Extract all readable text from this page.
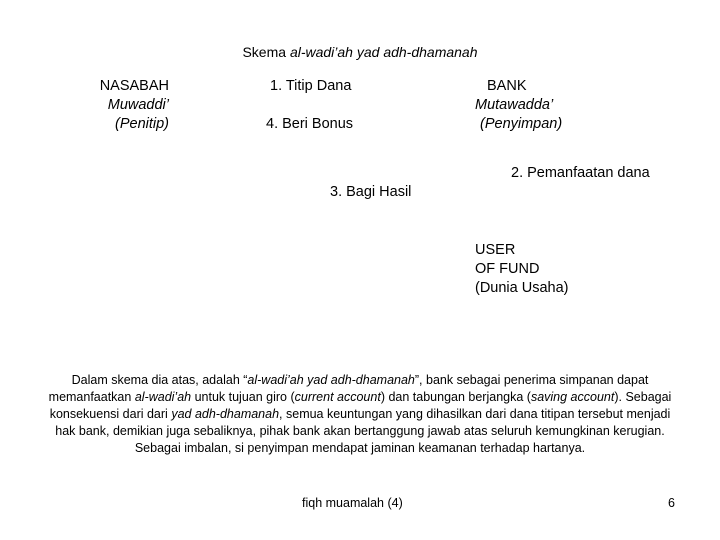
Skema al-wadi’ah yad adh-dhamanah
NASABAH
Muwaddi’
(Penitip)
1. Titip Dana
4. Beri Bonus
2. Pemanfaatan dana
3. Bagi Hasil
BANK
Mutawadda’
(Penyimpan)
USER
OF FUND
(Dunia Usaha)
Dalam skema dia atas, adalah “al-wadi’ah yad adh-dhamanah”, bank sebagai penerima simpanan dapat memanfaatkan al-wadi’ah untuk tujuan giro (current account) dan tabungan berjangka (saving account). Sebagai konsekuensi dari dari yad adh-dhamanah, semua keuntungan yang dihasilkan dari dana titipan tersebut menjadi hak bank, demikian juga sebaliknya, pihak bank akan bertanggung jawab atas seluruh kemungkinan kerugian. Sebagai imbalan, si penyimpan mendapat jaminan keamanan terhadap hartanya.
fiqh muamalah (4)	6
